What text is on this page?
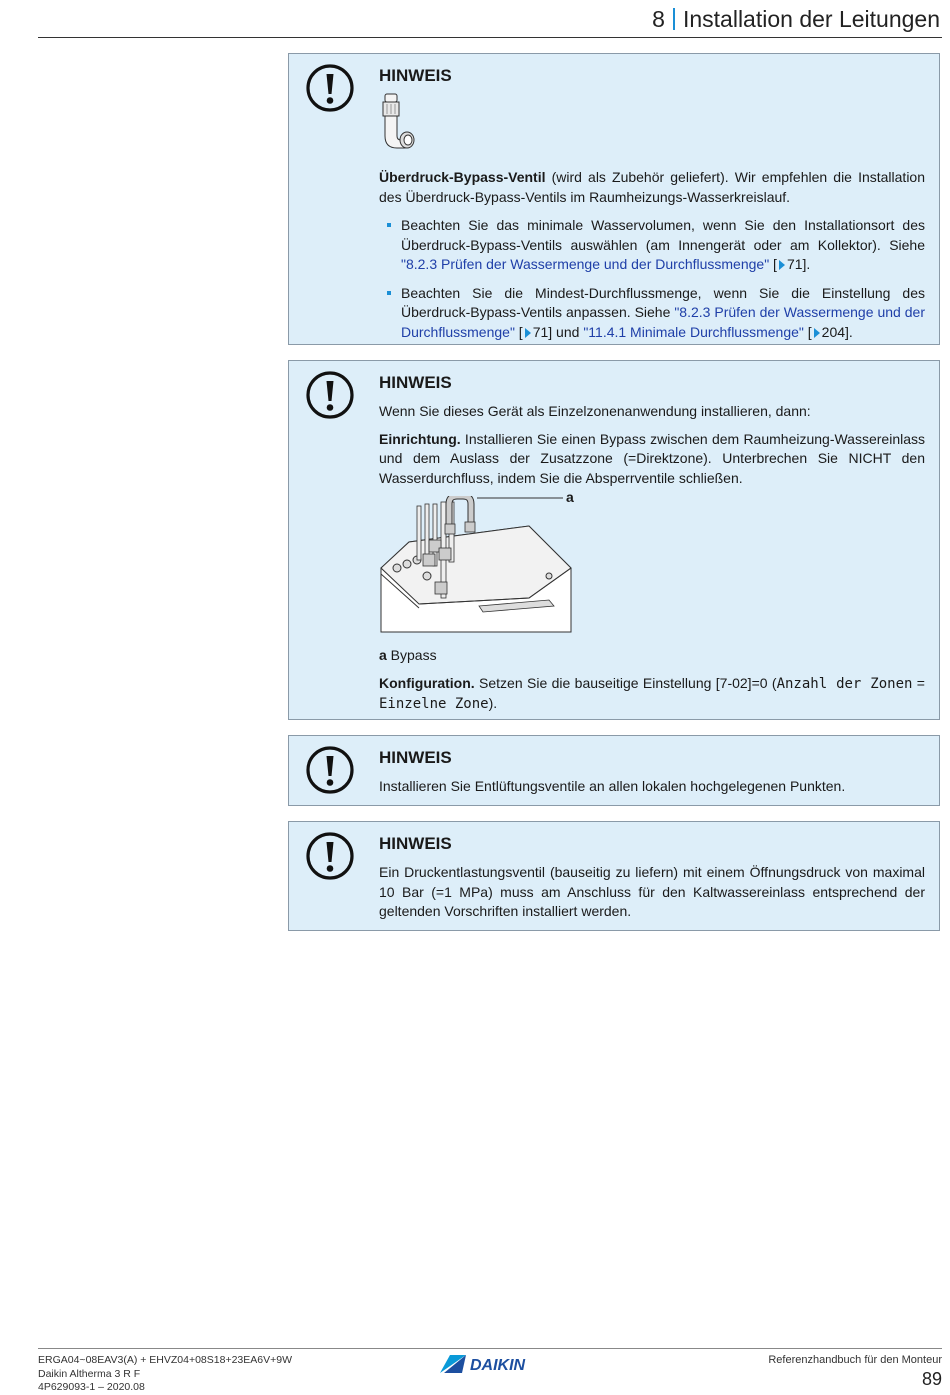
8 Installation der Leitungen
HINWEIS

Überdruck-Bypass-Ventil (wird als Zubehör geliefert). Wir empfehlen die Installation des Überdruck-Bypass-Ventils im Raumheizungs-Wasserkreislauf.

Beachten Sie das minimale Wasservolumen, wenn Sie den Installationsort des Überdruck-Bypass-Ventils auswählen (am Innengerät oder am Kollektor). Siehe "8.2.3 Prüfen der Wassermenge und der Durchflussmenge" [ 71].
Beachten Sie die Mindest-Durchflussmenge, wenn Sie die Einstellung des Überdruck-Bypass-Ventils anpassen. Siehe "8.2.3 Prüfen der Wassermenge und der Durchflussmenge" [ 71] und "11.4.1 Minimale Durchflussmenge" [ 204].
HINWEIS

Wenn Sie dieses Gerät als Einzelzonenanwendung installieren, dann:

Einrichtung. Installieren Sie einen Bypass zwischen dem Raumheizung-Wassereinlass und dem Auslass der Zusatzzone (=Direktzone). Unterbrechen Sie NICHT den Wasserdurchfluss, indem Sie die Absperrventile schließen.

a

a Bypass

Konfiguration. Setzen Sie die bauseitige Einstellung [7-02]=0 (Anzahl der Zonen = Einzelne Zone).

HINWEIS

Installieren Sie Entlüftungsventile an allen lokalen hochgelegenen Punkten.

HINWEIS

Ein Druckentlastungsventil (bauseitig zu liefern) mit einem Öffnungsdruck von maximal 10 Bar (=1 MPa) muss am Anschluss für den Kaltwassereinlass entsprechend der geltenden Vorschriften installiert werden.

ERGA04~08EAV3(A) + EHVZ04+08S18+23EA6V+9W
Daikin Altherma 3 R F
4P629093-1 – 2020.08
DAIKIN	Referenzhandbuch für den Monteur
89
